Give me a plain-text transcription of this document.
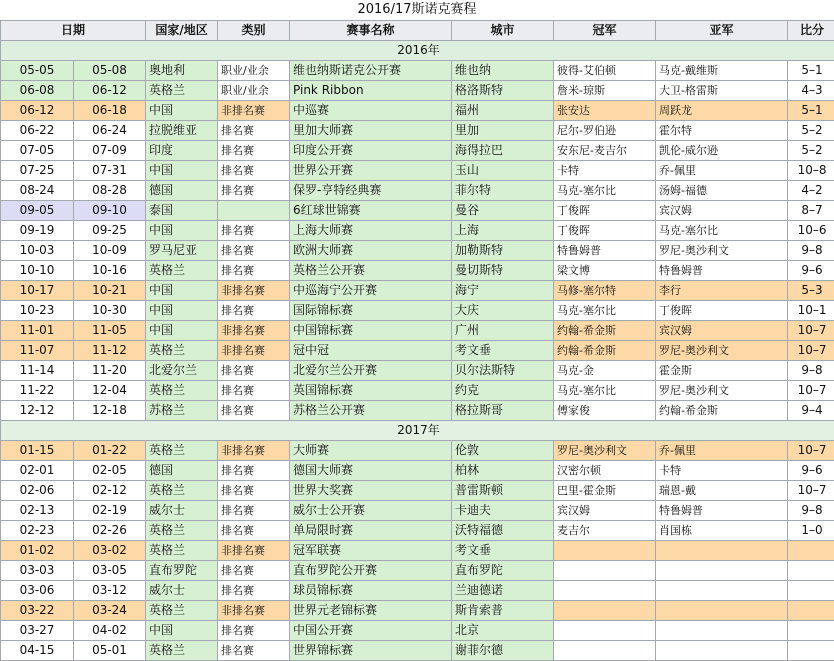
2016/17斯诺克赛程
日期		国家/地区	类别	赛事名称	城市	冠军	亚军	比分
2016年								
05-05	05-08	奥地利	职业/业余	维也纳斯诺克公开赛	维也纳	彼得-艾伯顿	马克-戴维斯	5–1
06-08	06-12	英格兰	职业/业余	Pink Ribbon	格洛斯特	詹米-琼斯	大卫-格雷斯	4–3
06-12	06-18	中国	非排名赛	中巡赛	福州	张安达	周跃龙	5–1
06-22	06-24	拉脱维亚	排名赛	里加大师赛	里加	尼尔-罗伯逊	霍尔特	5–2
07-05	07-09	印度	排名赛	印度公开赛	海得拉巴	安东尼-麦吉尔	凯伦-威尔逊	5–2
07-25	07-31	中国	排名赛	世界公开赛	玉山	卡特	乔-佩里	10–8
08-24	08-28	德国	排名赛	保罗-亨特经典赛	菲尔特	马克-塞尔比	汤姆-福德	4–2
09-05	09-10	泰国		6红球世锦赛	曼谷	丁俊晖	宾汉姆	8–7
09-19	09-25	中国	排名赛	上海大师赛	上海	丁俊晖	马克-塞尔比	10–6
10-03	10-09	罗马尼亚	排名赛	欧洲大师赛	加勒斯特	特鲁姆普	罗尼-奥沙利文	9–8
10-10	10-16	英格兰	排名赛	英格兰公开赛	曼切斯特	梁文博	特鲁姆普	9–6
10-17	10-21	中国	非排名赛	中巡海宁公开赛	海宁	马修-塞尔特	李行	5–3
10-23	10-30	中国	排名赛	国际锦标赛	大庆	马克-塞尔比	丁俊晖	10–1
11-01	11-05	中国	非排名赛	中国锦标赛	广州	约翰-希金斯	宾汉姆	10–7
11-07	11-12	英格兰	非排名赛	冠中冠	考文垂	约翰-希金斯	罗尼-奥沙利文	10–7
11-14	11-20	北爱尔兰	排名赛	北爱尔兰公开赛	贝尔法斯特	马克-金	霍金斯	9–8
11-22	12-04	英格兰	排名赛	英国锦标赛	约克	马克-塞尔比	罗尼-奥沙利文	10–7
12-12	12-18	苏格兰	排名赛	苏格兰公开赛	格拉斯哥	傅家俊	约翰-希金斯	9–4
2017年								
01-15	01-22	英格兰	非排名赛	大师赛	伦敦	罗尼-奥沙利文	乔-佩里	10–7
02-01	02-05	德国	排名赛	德国大师赛	柏林	汉密尔顿	卡特	9–6
02-06	02-12	英格兰	排名赛	世界大奖赛	普雷斯顿	巴里-霍金斯	瑞恩-戴	10–7
02-13	02-19	威尔士	排名赛	威尔士公开赛	卡迪夫	宾汉姆	特鲁姆普	9–8
02-23	02-26	英格兰	排名赛	单局限时赛	沃特福德	麦吉尔	肖国栋	1–0
01-02	03-02	英格兰	非排名赛	冠军联赛	考文垂			
03-03	03-05	直布罗陀	排名赛	直布罗陀公开赛	直布罗陀			
03-06	03-12	威尔士	排名赛	球员锦标赛	兰迪德诺			
03-22	03-24	英格兰	非排名赛	世界元老锦标赛	斯肯索普			
03-27	04-02	中国	排名赛	中国公开赛	北京			
04-15	05-01	英格兰	排名赛	世界锦标赛	谢菲尔德			
